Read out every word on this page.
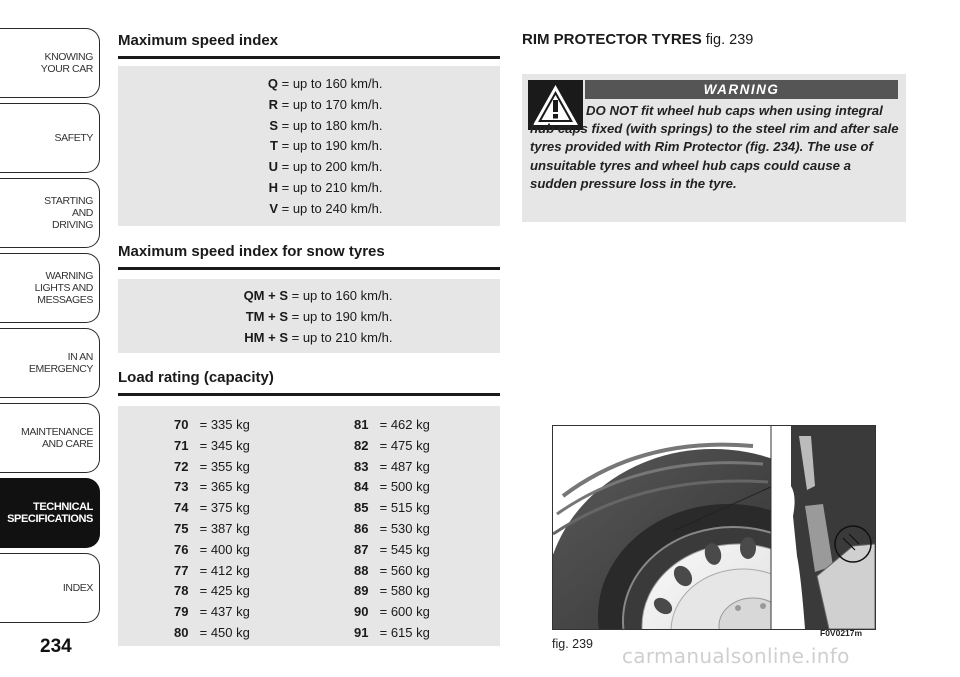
KNOWING
YOUR CAR
SAFETY
STARTING
AND
DRIVING
WARNING
LIGHTS AND
MESSAGES
IN AN
EMERGENCY
MAINTENANCE
AND CARE
TECHNICAL
SPECIFICATIONS
INDEX
234
Maximum speed index
Q = up to 160 km/h.
R = up to 170 km/h.
S = up to 180 km/h.
T = up to 190 km/h.
U = up to 200 km/h.
H = up to 210 km/h.
V = up to 240 km/h.
Maximum speed index for snow tyres
QM + S = up to 160 km/h.
TM + S = up to 190 km/h.
HM + S = up to 210 km/h.
Load rating (capacity)
70 = 335 kg
71 = 345 kg
72 = 355 kg
73 = 365 kg
74 = 375 kg
75 = 387 kg
76 = 400 kg
77 = 412 kg
78 = 425 kg
79 = 437 kg
80 = 450 kg
81 = 462 kg
82 = 475 kg
83 = 487 kg
84 = 500 kg
85 = 515 kg
86 = 530 kg
87 = 545 kg
88 = 560 kg
89 = 580 kg
90 = 600 kg
91 = 615 kg
RIM PROTECTOR TYRES fig. 239
WARNING
DO NOT fit wheel hub caps when using integral hub caps fixed (with springs) to the steel rim and after sale tyres provided with Rim Protector (fig. 234). The use of unsuitable tyres and wheel hub caps could cause a sudden pressure loss in the tyre.
fig. 239
F0V0217m
carmanualsonline.info
